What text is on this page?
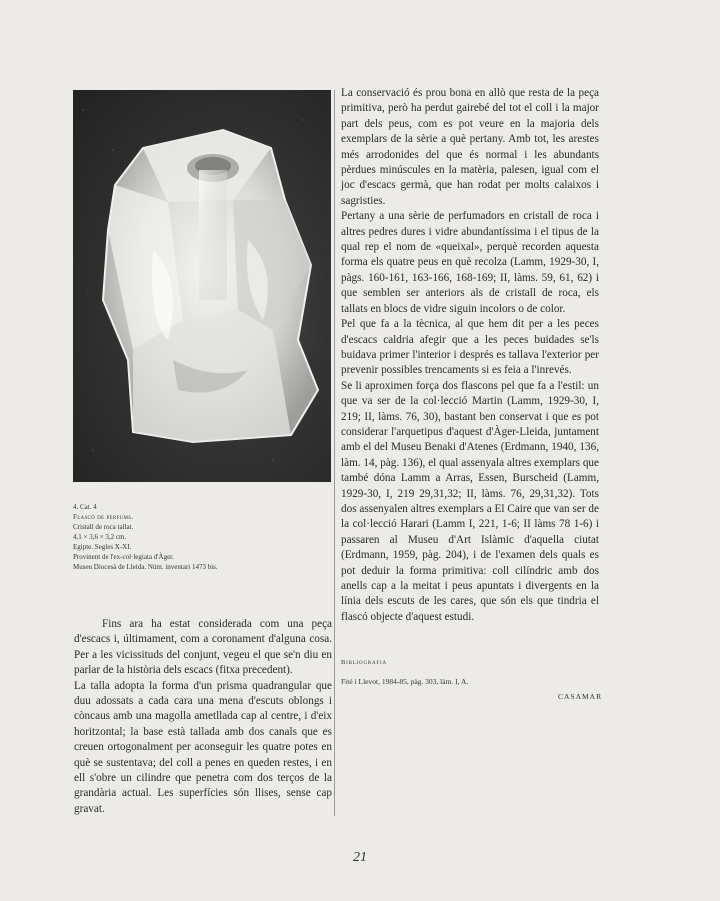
4. Cat. 4
Flascó de perfums.
Cristall de roca tallat.
4,1 × 3,6 × 3,2 cm.
Egipte. Segles X-XI.
Provinent de l'ex-col·legiata d'Àger.
Museu Diocesà de Lleida. Núm. inventari 1473 bis.

Fins ara ha estat considerada com una peça d'escacs i, últimament, com a coronament d'alguna cosa. Per a les vicissituds del conjunt, vegeu el que se'n diu en parlar de la història dels escacs (fitxa precedent).

La talla adopta la forma d'un prisma quadrangular que duu adossats a cada cara una mena d'escuts oblongs i còncaus amb una magolla ametllada cap al centre, i d'eix horitzontal; la base està tallada amb dos canals que es creuen ortogonalment per aconseguir les quatre potes en què se sustentava; del coll a penes en queden restes, i en ell s'obre un cilindre que penetra com dos terços de la grandària actual. Les superfícies són llises, sense cap gravat.

La conservació és prou bona en allò que resta de la peça primitiva, però ha perdut gairebé del tot el coll i la major part dels peus, com es pot veure en la majoria dels exemplars de la sèrie a què pertany. Amb tot, les arestes més arrodonides del que és normal i les abundants pèrdues minúscules en la matèria, palesen, igual com el joc d'escacs germà, que han rodat per molts calaixos i sagristies.

Pertany a una sèrie de perfumadors en cristall de roca i altres pedres dures i vidre abundantíssima i el tipus de la qual rep el nom de «queixal», perquè recorden aquesta forma els quatre peus en què recolza (Lamm, 1929-30, I, pàgs. 160-161, 163-166, 168-169; II, làms. 59, 61, 62) i que semblen ser anteriors als de cristall de roca, els tallats en blocs de vidre siguin incolors o de color.

Pel que fa a la tècnica, al que hem dit per a les peces d'escacs caldria afegir que a les peces buidades se'ls buidava primer l'interior i després es tallava l'exterior per prevenir possibles trencaments si es feia a l'inrevés.

Se li aproximen força dos flascons pel que fa a l'estil: un que va ser de la col·lecció Martin (Lamm, 1929-30, I, 219; II, làms. 76, 30), bastant ben conservat i que es pot considerar l'arquetipus d'aquest d'Àger-Lleida, juntament amb el del Museu Benaki d'Atenes (Erdmann, 1940, 136, làm. 14, pàg. 136), el qual assenyala altres exemplars que també dóna Lamm a Arras, Essen, Burscheid (Lamm, 1929-30, I, 219 29,31,32; II, làms. 76, 29,31,32). Tots dos assenyalen altres exemplars a El Caire que van ser de la col·lecció Harari (Lamm I, 221, 1-6; II làms 78 1-6) i passaren al Museu d'Art Islàmic d'aquella ciutat (Erdmann, 1959, pàg. 204), i de l'examen dels quals es pot deduir la forma primitiva: coll cilíndric amb dos anells cap a la meitat i peus apuntats i divergents en la línia dels escuts de les cares, que són els que tindria el flascó objecte d'aquest estudi.

Bibliografia
Fité i Llevot, 1984-85, pàg. 303, làm. I, A.
CASAMAR
21
